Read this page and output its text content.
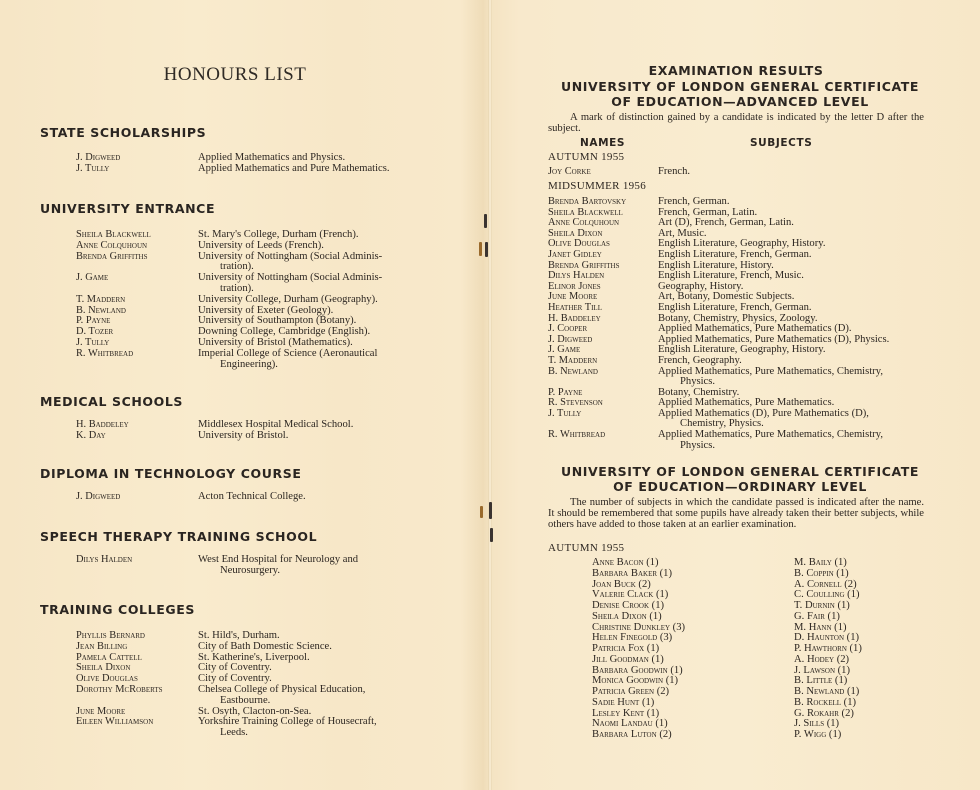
HONOURS LIST
STATE SCHOLARSHIPS
J. Digweed	Applied Mathematics and Physics.
J. Tully	Applied Mathematics and Pure Mathematics.
UNIVERSITY ENTRANCE
Sheila Blackwell	St. Mary's College, Durham (French).
Anne Colquhoun	University of Leeds (French).
Brenda Griffiths	University of Nottingham (Social Adminis-
tration).
J. Game	University of Nottingham (Social Adminis-
tration).
T. Maddern	University College, Durham (Geography).
B. Newland	University of Exeter (Geology).
P. Payne	University of Southampton (Botany).
D. Tozer	Downing College, Cambridge (English).
J. Tully	University of Bristol (Mathematics).
R. Whitbread	Imperial College of Science (Aeronautical
Engineering).
MEDICAL SCHOOLS
H. Baddeley	Middlesex Hospital Medical School.
K. Day	University of Bristol.
DIPLOMA IN TECHNOLOGY COURSE
J. Digweed	Acton Technical College.
SPEECH THERAPY TRAINING SCHOOL
Dilys Halden	West End Hospital for Neurology and
Neurosurgery.
TRAINING COLLEGES
Phyllis Bernard	St. Hild's, Durham.
Jean Billing	City of Bath Domestic Science.
Pamela Cattell	St. Katherine's, Liverpool.
Sheila Dixon	City of Coventry.
Olive Douglas	City of Coventry.
Dorothy McRoberts	Chelsea College of Physical Education,
Eastbourne.
June Moore	St. Osyth, Clacton-on-Sea.
Eileen Williamson	Yorkshire Training College of Housecraft,
Leeds.
EXAMINATION RESULTS
UNIVERSITY OF LONDON GENERAL CERTIFICATE
OF EDUCATION—ADVANCED LEVEL
A mark of distinction gained by a candidate is indicated by the letter D after the subject.
NAMES	SUBJECTS
AUTUMN 1955
Joy Corke	French.
MIDSUMMER 1956
Brenda Bartovsky	French, German.
Sheila Blackwell	French, German, Latin.
Anne Colquhoun	Art (D), French, German, Latin.
Sheila Dixon	Art, Music.
Olive Douglas	English Literature, Geography, History.
Janet Gidley	English Literature, French, German.
Brenda Griffiths	English Literature, History.
Dilys Halden	English Literature, French, Music.
Elinor Jones	Geography, History.
June Moore	Art, Botany, Domestic Subjects.
Heather Till	English Literature, French, German.
H. Baddeley	Botany, Chemistry, Physics, Zoology.
J. Cooper	Applied Mathematics, Pure Mathematics (D).
J. Digweed	Applied Mathematics, Pure Mathematics (D), Physics.
J. Game	English Literature, Geography, History.
T. Maddern	French, Geography.
B. Newland	Applied Mathematics, Pure Mathematics, Chemistry,
Physics.
P. Payne	Botany, Chemistry.
R. Stevenson	Applied Mathematics, Pure Mathematics.
J. Tully	Applied Mathematics (D), Pure Mathematics (D),
Chemistry, Physics.
R. Whitbread	Applied Mathematics, Pure Mathematics, Chemistry,
Physics.
UNIVERSITY OF LONDON GENERAL CERTIFICATE
OF EDUCATION—ORDINARY LEVEL
The number of subjects in which the candidate passed is indicated after the name. It should be remembered that some pupils have already taken their better subjects, while others have added to those taken at an earlier examination.
AUTUMN 1955
Anne Bacon (1)
Barbara Baker (1)
Joan Buck (2)
Valerie Clack (1)
Denise Crook (1)
Sheila Dixon (1)
Christine Dunkley (3)
Helen Finegold (3)
Patricia Fox (1)
Jill Goodman (1)
Barbara Goodwin (1)
Monica Goodwin (1)
Patricia Green (2)
Sadie Hunt (1)
Lesley Kent (1)
Naomi Landau (1)
Barbara Luton (2)
M. Baily (1)
B. Coppin (1)
A. Cornell (2)
C. Coulling (1)
T. Durnin (1)
G. Fair (1)
M. Hann (1)
D. Haunton (1)
P. Hawthorn (1)
A. Hodey (2)
J. Lawson (1)
B. Little (1)
B. Newland (1)
B. Rockell (1)
G. Rokahr (2)
J. Sills (1)
P. Wigg (1)
